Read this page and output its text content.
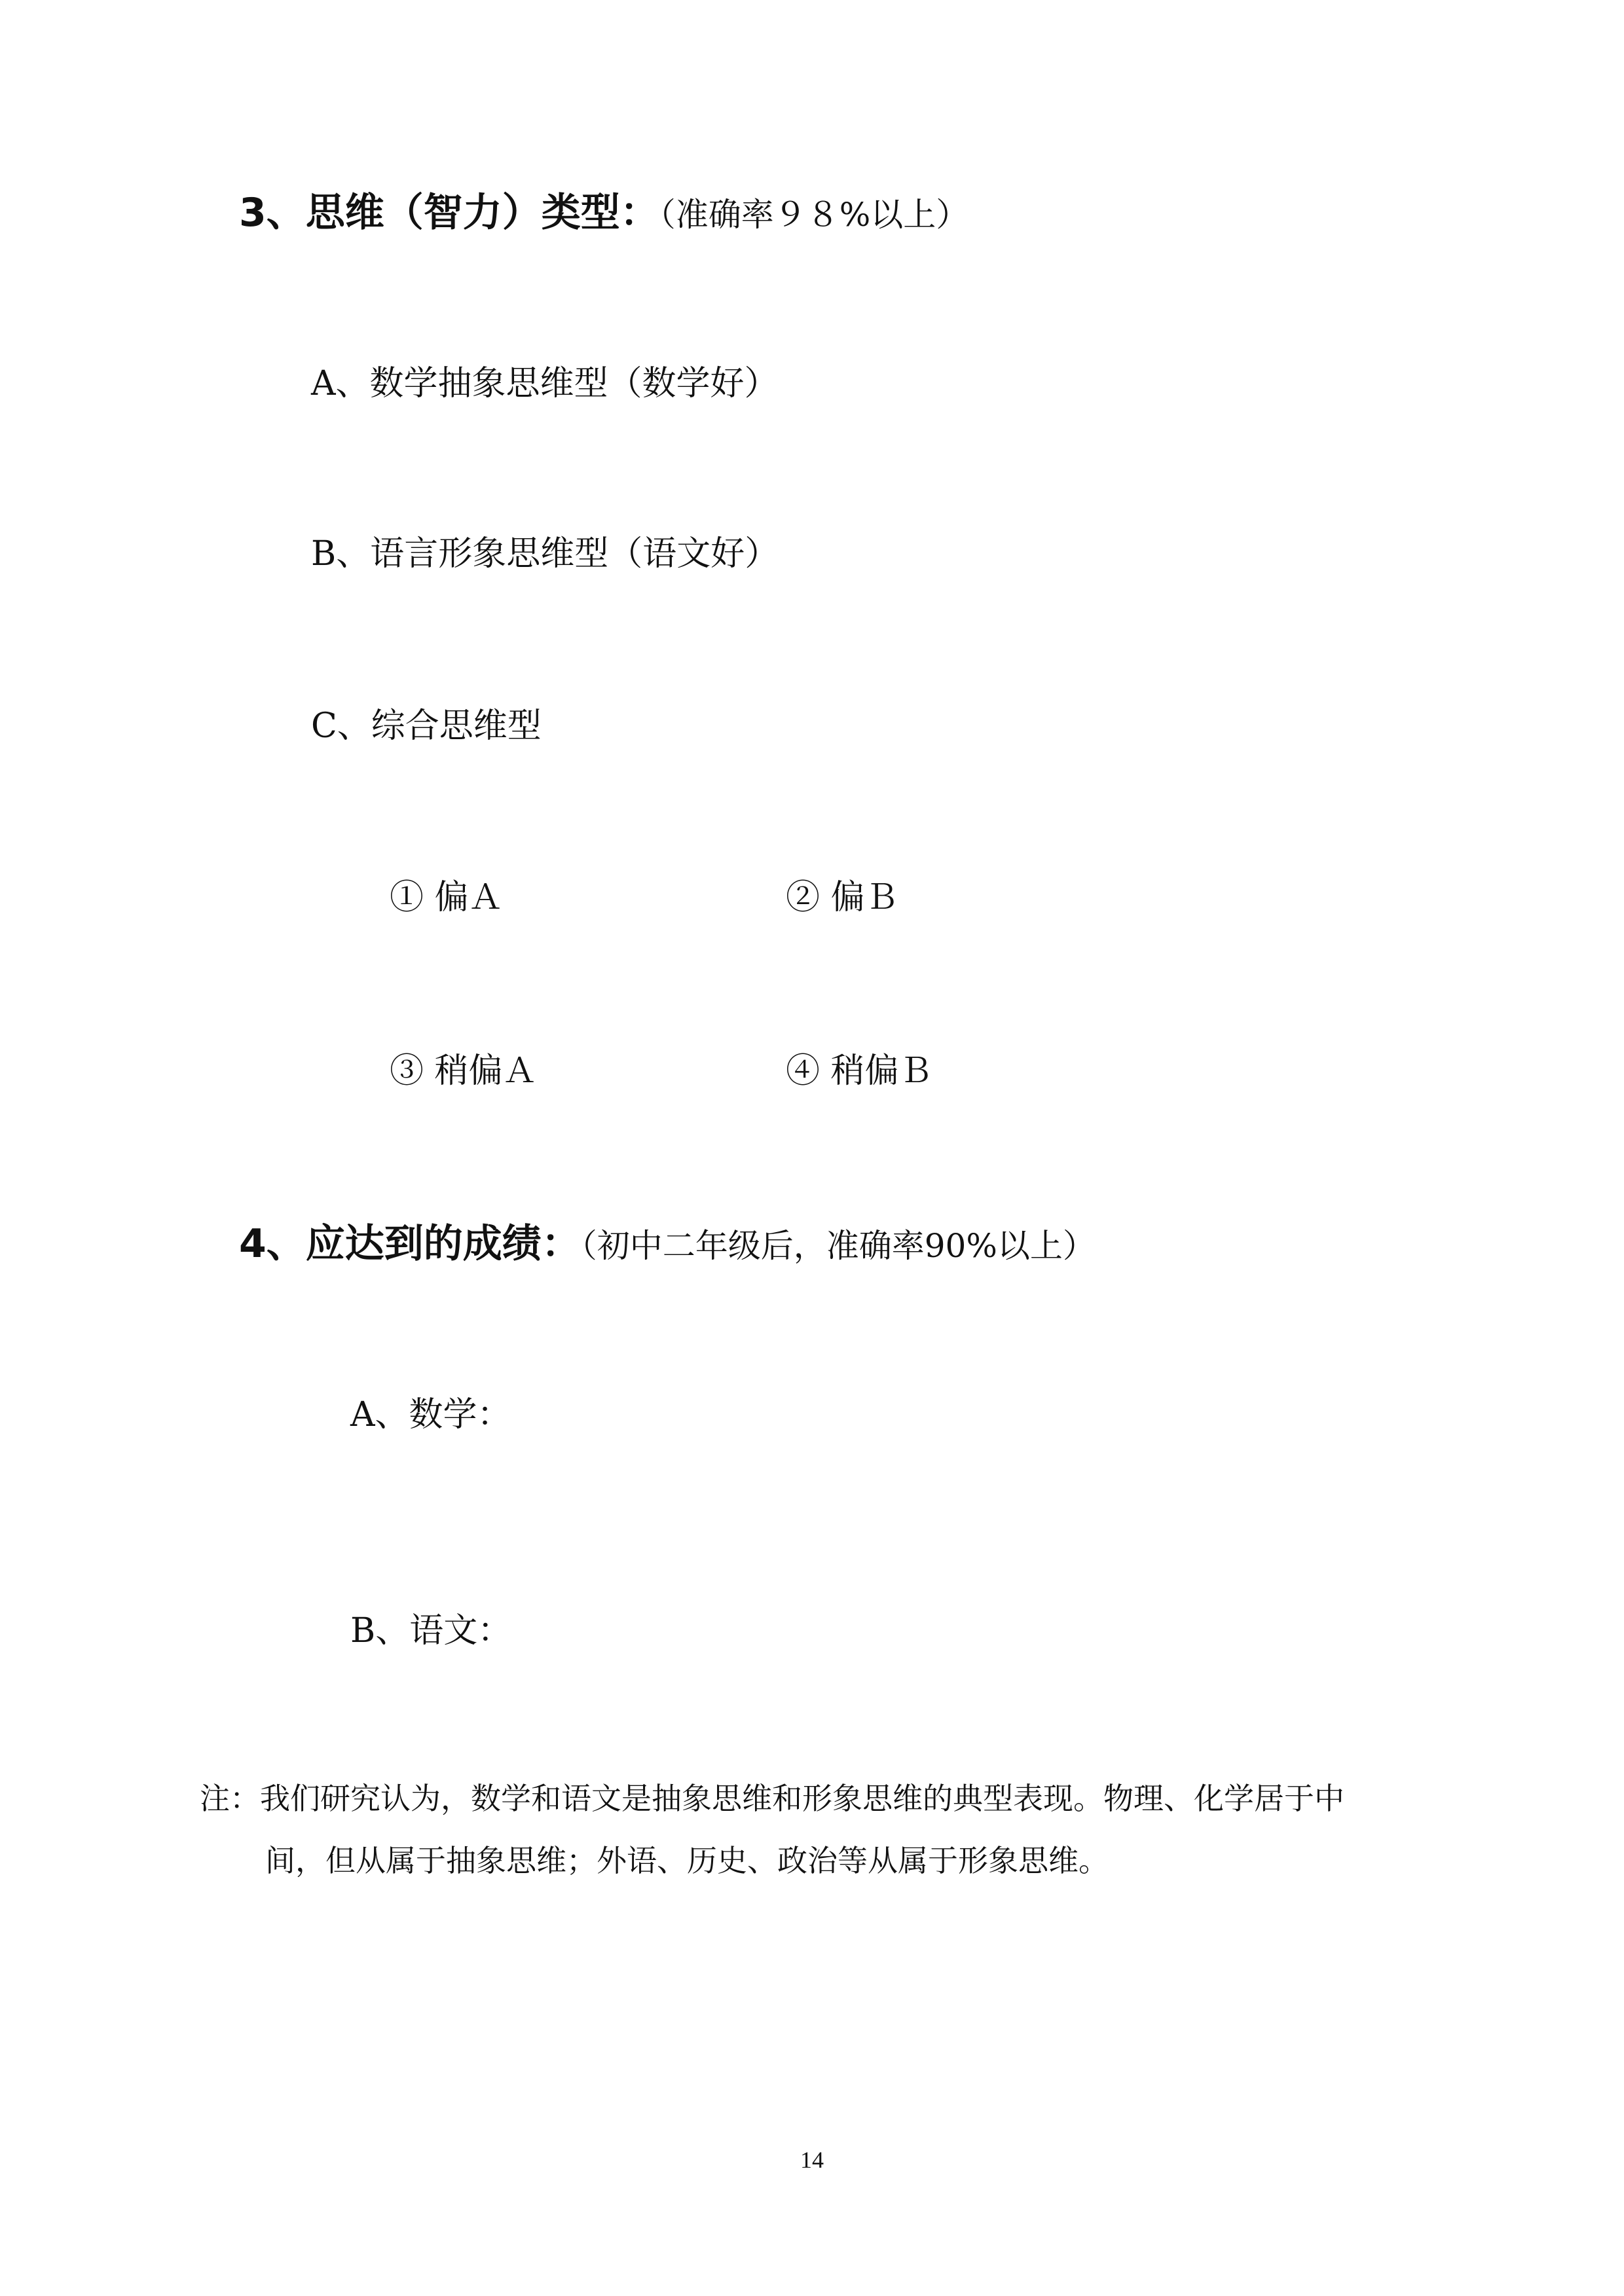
3、思维（智力）类型：（准确率９８%以上）
A、数学抽象思维型（数学好）
B、语言形象思维型（语文好）
C、综合思维型
① 偏Ａ	② 偏Ｂ
③ 稍偏Ａ	④ 稍偏Ｂ
4、应达到的成绩：（初中二年级后，准确率90%以上）
A、数学：
B、语文：
注：我们研究认为，数学和语文是抽象思维和形象思维的典型表现。物理、化学居于中
间，但从属于抽象思维；外语、历史、政治等从属于形象思维。
14
